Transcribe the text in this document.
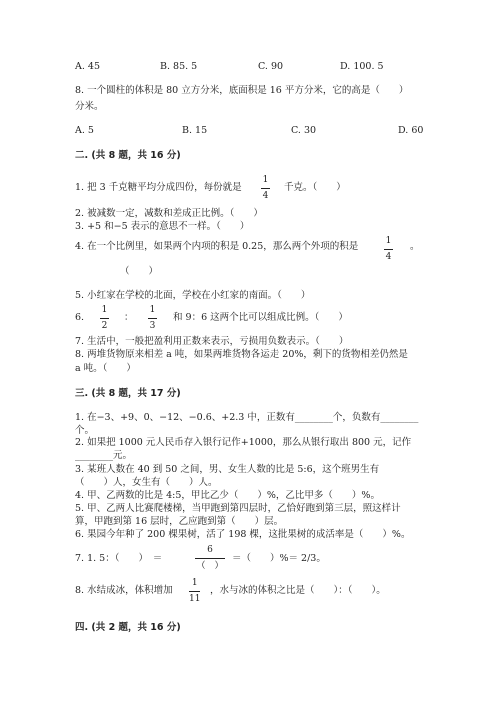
A. 45	B. 85. 5	C. 90	D. 100. 5
8. 一个圆柱的体积是 80 立方分米，底面积是 16 平方分米，它的高是（　　）
分米。
A. 5	B. 15	C. 30	D. 60
二. (共 8 题，共 16 分)
1. 把 3 千克糖平均分成四份，每份就是
1
4
千克。（　　）
2. 被减数一定，减数和差成正比例。（　　）
3. +5 和−5 表示的意思不一样。（　　）
4. 在一个比例里，如果两个内项的积是 0.25，那么两个外项的积是	1
4
。
（　　）
5. 小红家在学校的北面，学校在小红家的南面。（　　）
6.
1
2
：
1
3
和 9：6 这两个比可以组成比例。（　　）
7. 生活中，一般把盈利用正数来表示，亏损用负数表示。（　　）
8. 两堆货物原来相差 a 吨，如果两堆货物各运走 20%，剩下的货物相差仍然是
a 吨。（　　）
三. (共 8 题，共 17 分)
1. 在−3、+9、0、−12、−0.6、+2.3 中，正数有________个，负数有________
个。
2. 如果把 1000 元人民币存入银行记作+1000，那么从银行取出 800 元，记作
________元。
3. 某班人数在 40 到 50 之间，男、女生人数的比是 5:6，这个班男生有
（　　）人，女生有（　　）人。
4. 甲、乙两数的比是 4:5，甲比乙少（　　）%，乙比甲多（　　）%。
5. 甲、乙两人比赛爬楼梯，当甲跑到第四层时，乙恰好跑到第三层，照这样计
算，甲跑到第 16 层时，乙应跑到第（　　）层。
6. 果园今年种了 200 棵果树，活了 198 棵，这批果树的成活率是（　　）%。
7. 1. 5：（　　）　＝
6
（　）
＝（　　）%＝ 2/3。
8. 水结成冰，体积增加
1
11
，水与冰的体积之比是（　　）：（　　）。
四. (共 2 题，共 16 分)
